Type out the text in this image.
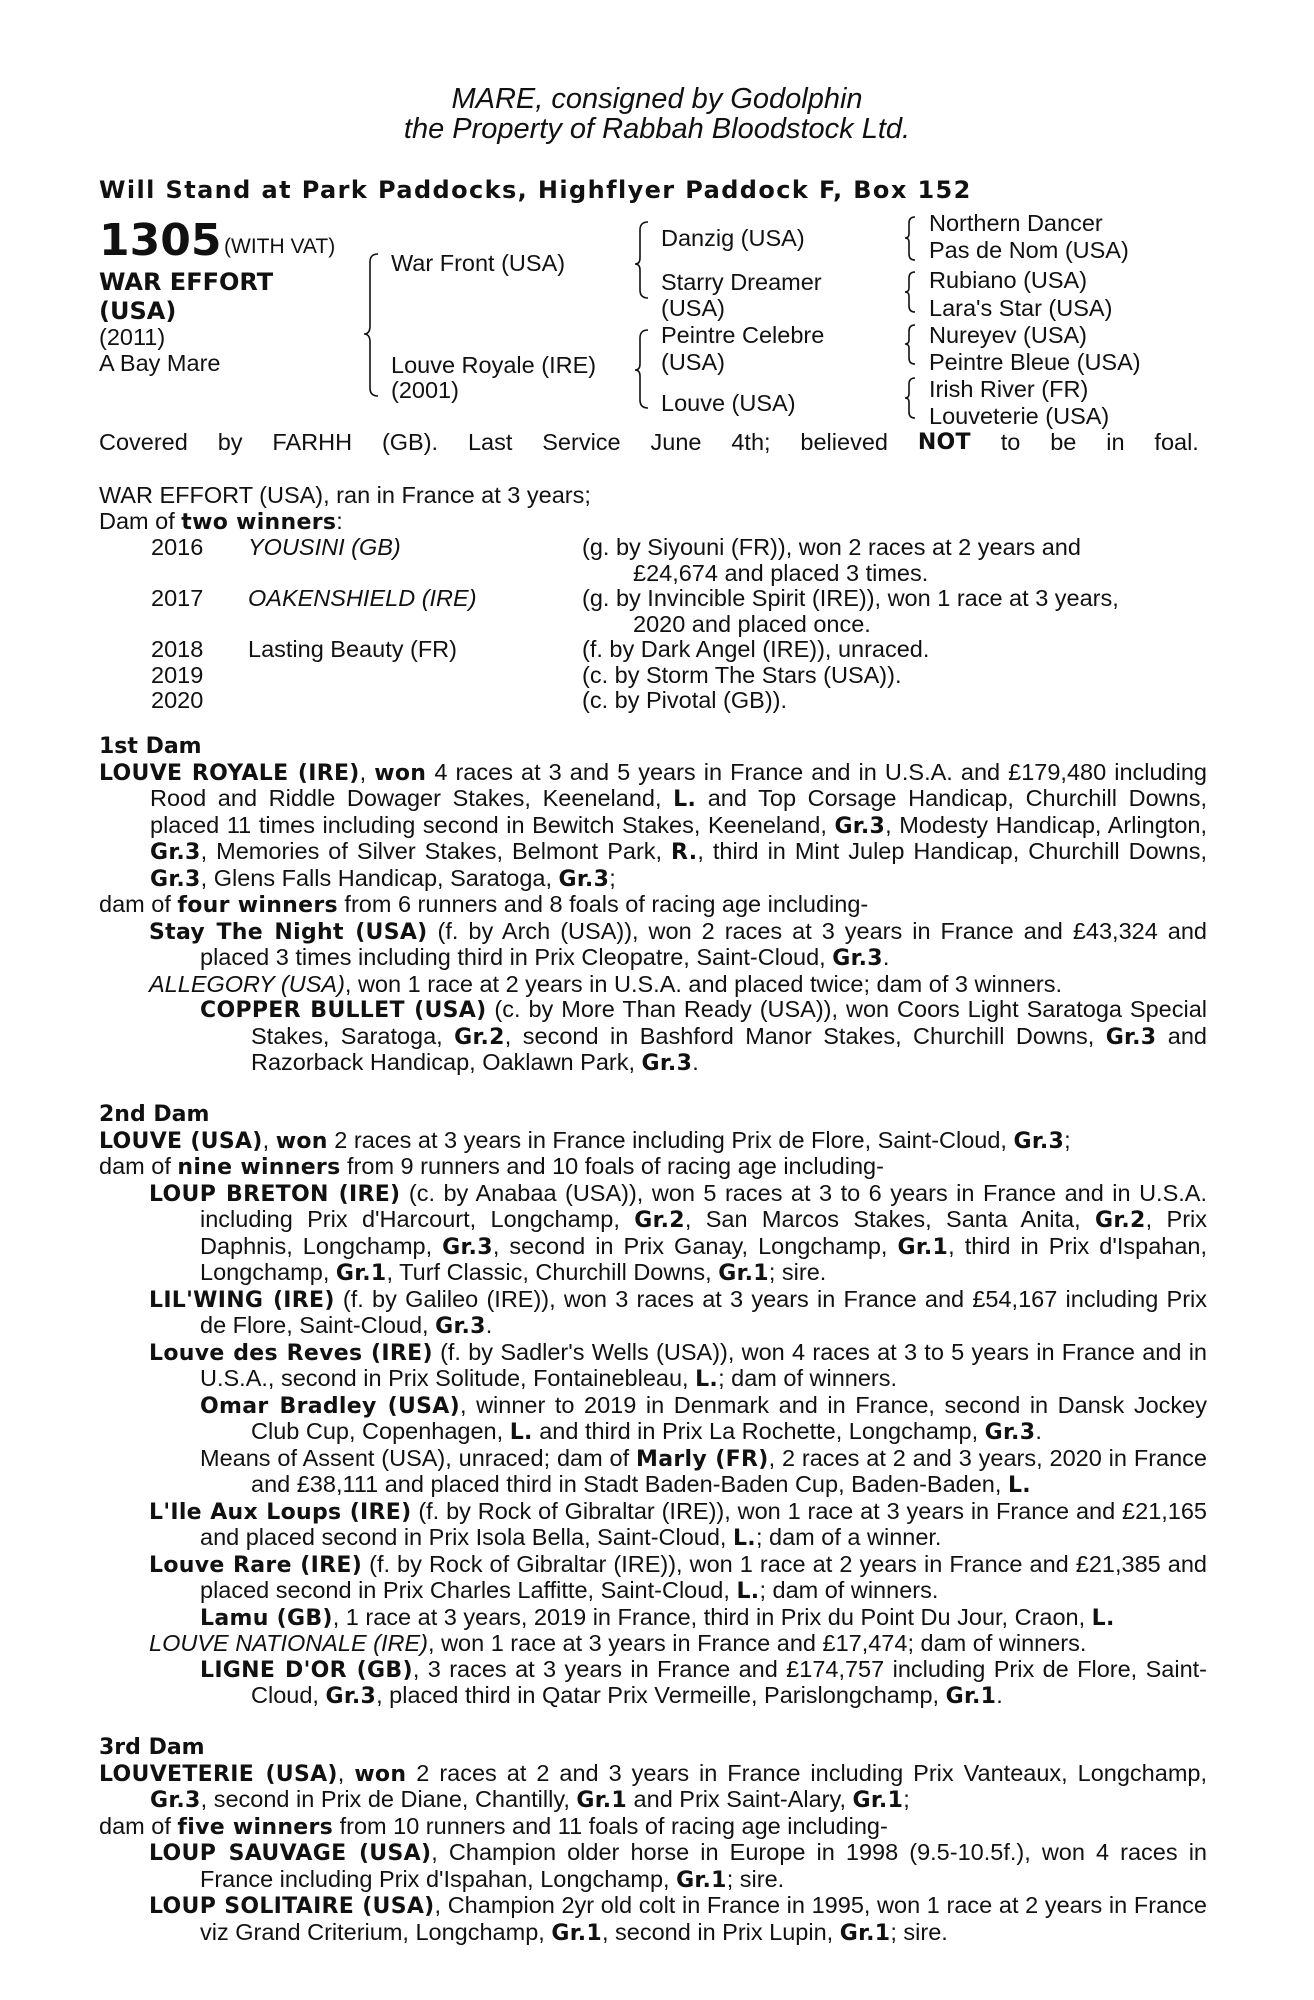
MARE, consigned by Godolphin
the Property of Rabbah Bloodstock Ltd.
Will Stand at Park Paddocks, Highflyer Paddock F, Box 152
1305 (WITH VAT)
WAR EFFORT
(USA)
(2011)
A Bay Mare
War Front (USA)
Louve Royale (IRE)
(2001)
Danzig (USA)
Starry Dreamer
(USA)
Peintre Celebre
(USA)
Louve (USA)
Northern Dancer
Pas de Nom (USA)
Rubiano (USA)
Lara's Star (USA)
Nureyev (USA)
Peintre Bleue (USA)
Irish River (FR)
Louveterie (USA)
Covered by FARHH (GB). Last Service June 4th; believed NOT to be in foal.
WAR EFFORT (USA), ran in France at 3 years;
Dam of two winners:
2016 YOUSINI (GB)	(g. by Siyouni (FR)), won 2 races at 2 years and
£24,674 and placed 3 times.
2017 OAKENSHIELD (IRE)	(g. by Invincible Spirit (IRE)), won 1 race at 3 years,
2020 and placed once.
2018 Lasting Beauty (FR)	(f. by Dark Angel (IRE)), unraced.
2019	(c. by Storm The Stars (USA)).
2020	(c. by Pivotal (GB)).
1st Dam
LOUVE ROYALE (IRE), won 4 races at 3 and 5 years in France and in U.S.A. and £179,480 including Rood and Riddle Dowager Stakes, Keeneland, L. and Top Corsage Handicap, Churchill Downs, placed 11 times including second in Bewitch Stakes, Keeneland, Gr.3, Modesty Handicap, Arlington, Gr.3, Memories of Silver Stakes, Belmont Park, R., third in Mint Julep Handicap, Churchill Downs, Gr.3, Glens Falls Handicap, Saratoga, Gr.3;
dam of four winners from 6 runners and 8 foals of racing age including-
Stay The Night (USA) (f. by Arch (USA)), won 2 races at 3 years in France and £43,324 and placed 3 times including third in Prix Cleopatre, Saint-Cloud, Gr.3.
ALLEGORY (USA), won 1 race at 2 years in U.S.A. and placed twice; dam of 3 winners.
COPPER BULLET (USA) (c. by More Than Ready (USA)), won Coors Light Saratoga Special Stakes, Saratoga, Gr.2, second in Bashford Manor Stakes, Churchill Downs, Gr.3 and Razorback Handicap, Oaklawn Park, Gr.3.
2nd Dam
LOUVE (USA), won 2 races at 3 years in France including Prix de Flore, Saint-Cloud, Gr.3;
dam of nine winners from 9 runners and 10 foals of racing age including-
LOUP BRETON (IRE) (c. by Anabaa (USA)), won 5 races at 3 to 6 years in France and in U.S.A. including Prix d'Harcourt, Longchamp, Gr.2, San Marcos Stakes, Santa Anita, Gr.2, Prix Daphnis, Longchamp, Gr.3, second in Prix Ganay, Longchamp, Gr.1, third in Prix d'Ispahan, Longchamp, Gr.1, Turf Classic, Churchill Downs, Gr.1; sire.
LIL'WING (IRE) (f. by Galileo (IRE)), won 3 races at 3 years in France and £54,167 including Prix de Flore, Saint-Cloud, Gr.3.
Louve des Reves (IRE) (f. by Sadler's Wells (USA)), won 4 races at 3 to 5 years in France and in U.S.A., second in Prix Solitude, Fontainebleau, L.; dam of winners.
Omar Bradley (USA), winner to 2019 in Denmark and in France, second in Dansk Jockey Club Cup, Copenhagen, L. and third in Prix La Rochette, Longchamp, Gr.3.
Means of Assent (USA), unraced; dam of Marly (FR), 2 races at 2 and 3 years, 2020 in France and £38,111 and placed third in Stadt Baden-Baden Cup, Baden-Baden, L.
L'Ile Aux Loups (IRE) (f. by Rock of Gibraltar (IRE)), won 1 race at 3 years in France and £21,165 and placed second in Prix Isola Bella, Saint-Cloud, L.; dam of a winner.
Louve Rare (IRE) (f. by Rock of Gibraltar (IRE)), won 1 race at 2 years in France and £21,385 and placed second in Prix Charles Laffitte, Saint-Cloud, L.; dam of winners.
Lamu (GB), 1 race at 3 years, 2019 in France, third in Prix du Point Du Jour, Craon, L.
LOUVE NATIONALE (IRE), won 1 race at 3 years in France and £17,474; dam of winners.
LIGNE D'OR (GB), 3 races at 3 years in France and £174,757 including Prix de Flore, Saint-Cloud, Gr.3, placed third in Qatar Prix Vermeille, Parislongchamp, Gr.1.
3rd Dam
LOUVETERIE (USA), won 2 races at 2 and 3 years in France including Prix Vanteaux, Longchamp, Gr.3, second in Prix de Diane, Chantilly, Gr.1 and Prix Saint-Alary, Gr.1;
dam of five winners from 10 runners and 11 foals of racing age including-
LOUP SAUVAGE (USA), Champion older horse in Europe in 1998 (9.5-10.5f.), won 4 races in France including Prix d'Ispahan, Longchamp, Gr.1; sire.
LOUP SOLITAIRE (USA), Champion 2yr old colt in France in 1995, won 1 race at 2 years in France viz Grand Criterium, Longchamp, Gr.1, second in Prix Lupin, Gr.1; sire.
